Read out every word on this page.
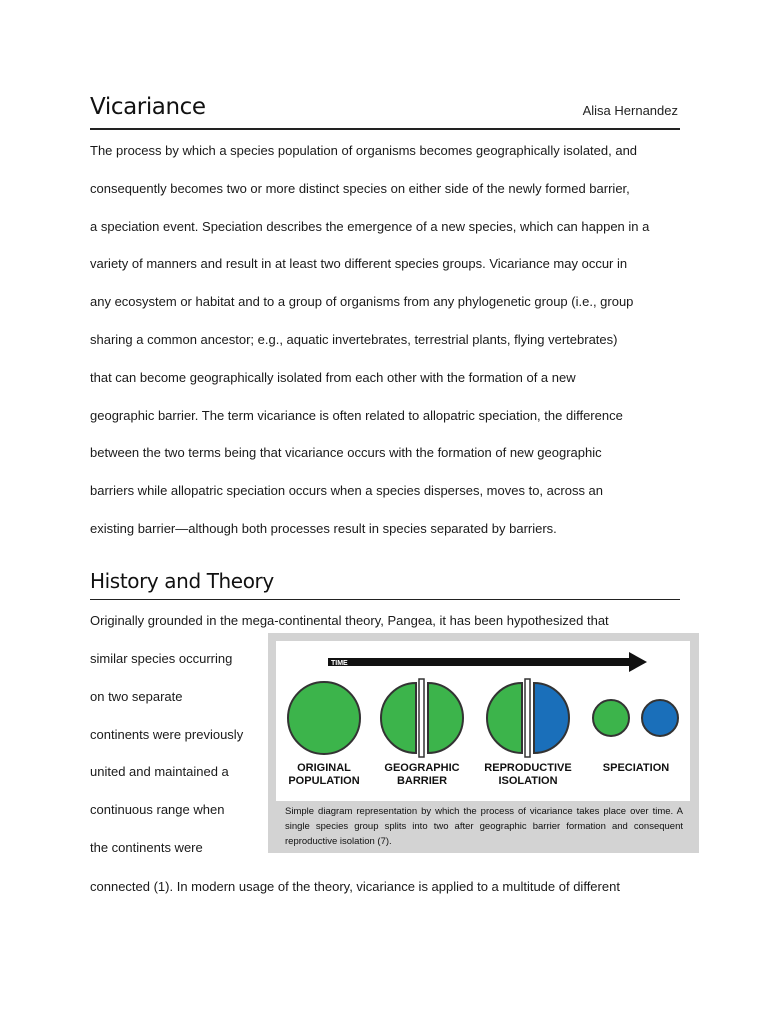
Vicariance	Alisa Hernandez
The process by which a species population of organisms becomes geographically isolated, and
consequently becomes two or more distinct species on either side of the newly formed barrier,
a speciation event. Speciation describes the emergence of a new species, which can happen in a
variety of manners and result in at least two different species groups. Vicariance may occur in
any ecosystem or habitat and to a group of organisms from any phylogenetic group (i.e., group
sharing a common ancestor; e.g., aquatic invertebrates, terrestrial plants, flying vertebrates)
that can become geographically isolated from each other with the formation of a new
geographic barrier. The term vicariance is often related to allopatric speciation, the difference
between the two terms being that vicariance occurs with the formation of new geographic
barriers while allopatric speciation occurs when a species disperses, moves to, across an
existing barrier—although both processes result in species separated by barriers.
History and Theory
Originally grounded in the mega-continental theory, Pangea, it has been hypothesized that
similar species occurring
on two separate
continents were previously
united and maintained a
continuous range when
the continents were
connected (1). In modern usage of the theory, vicariance is applied to a multitude of different
TIME
ORIGINAL
POPULATION
GEOGRAPHIC
BARRIER
REPRODUCTIVE
ISOLATION
SPECIATION
Simple diagram representation by which the process of vicariance takes place over time. A single species group splits into two after geographic barrier formation and consequent reproductive isolation (7).
